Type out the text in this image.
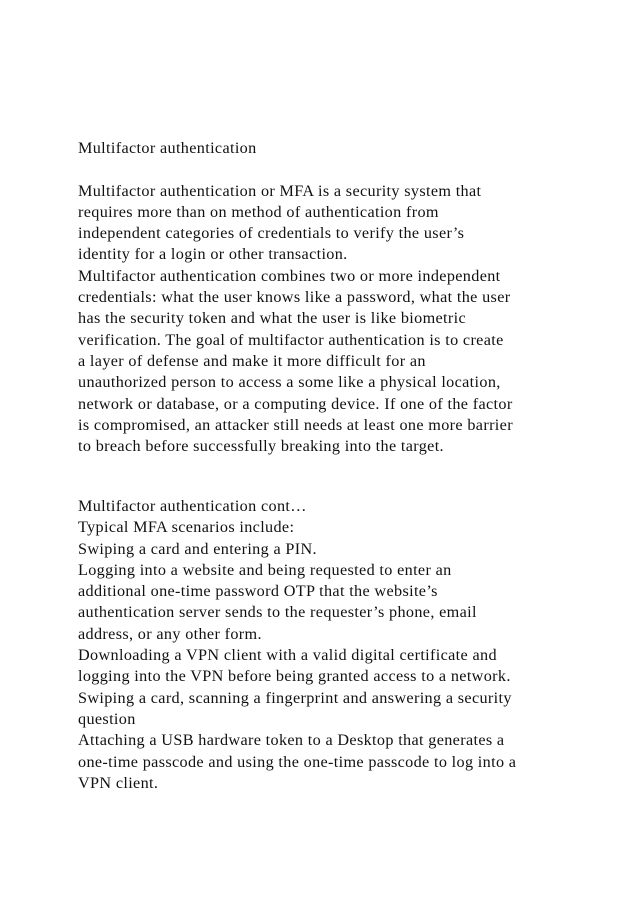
Multifactor authentication
Multifactor authentication or MFA is a security system that
requires more than on method of authentication from
independent categories of credentials to verify the user’s
identity for a login or other transaction.
Multifactor authentication combines two or more independent
credentials: what the user knows like a password, what the user
has the security token and what the user is like biometric
verification. The goal of multifactor authentication is to create
a layer of defense and make it more difficult for an
unauthorized person to access a some like a physical location,
network or database, or a computing device. If one of the factor
is compromised, an attacker still needs at least one more barrier
to breach before successfully breaking into the target.
Multifactor authentication cont…
Typical MFA scenarios include:
Swiping a card and entering a PIN.
Logging into a website and being requested to enter an
additional one-time password OTP that the website’s
authentication server sends to the requester’s phone, email
address, or any other form.
Downloading a VPN client with a valid digital certificate and
logging into the VPN before being granted access to a network.
Swiping a card, scanning a fingerprint and answering a security
question
Attaching a USB hardware token to a Desktop that generates a
one-time passcode and using the one-time passcode to log into a
VPN client.
